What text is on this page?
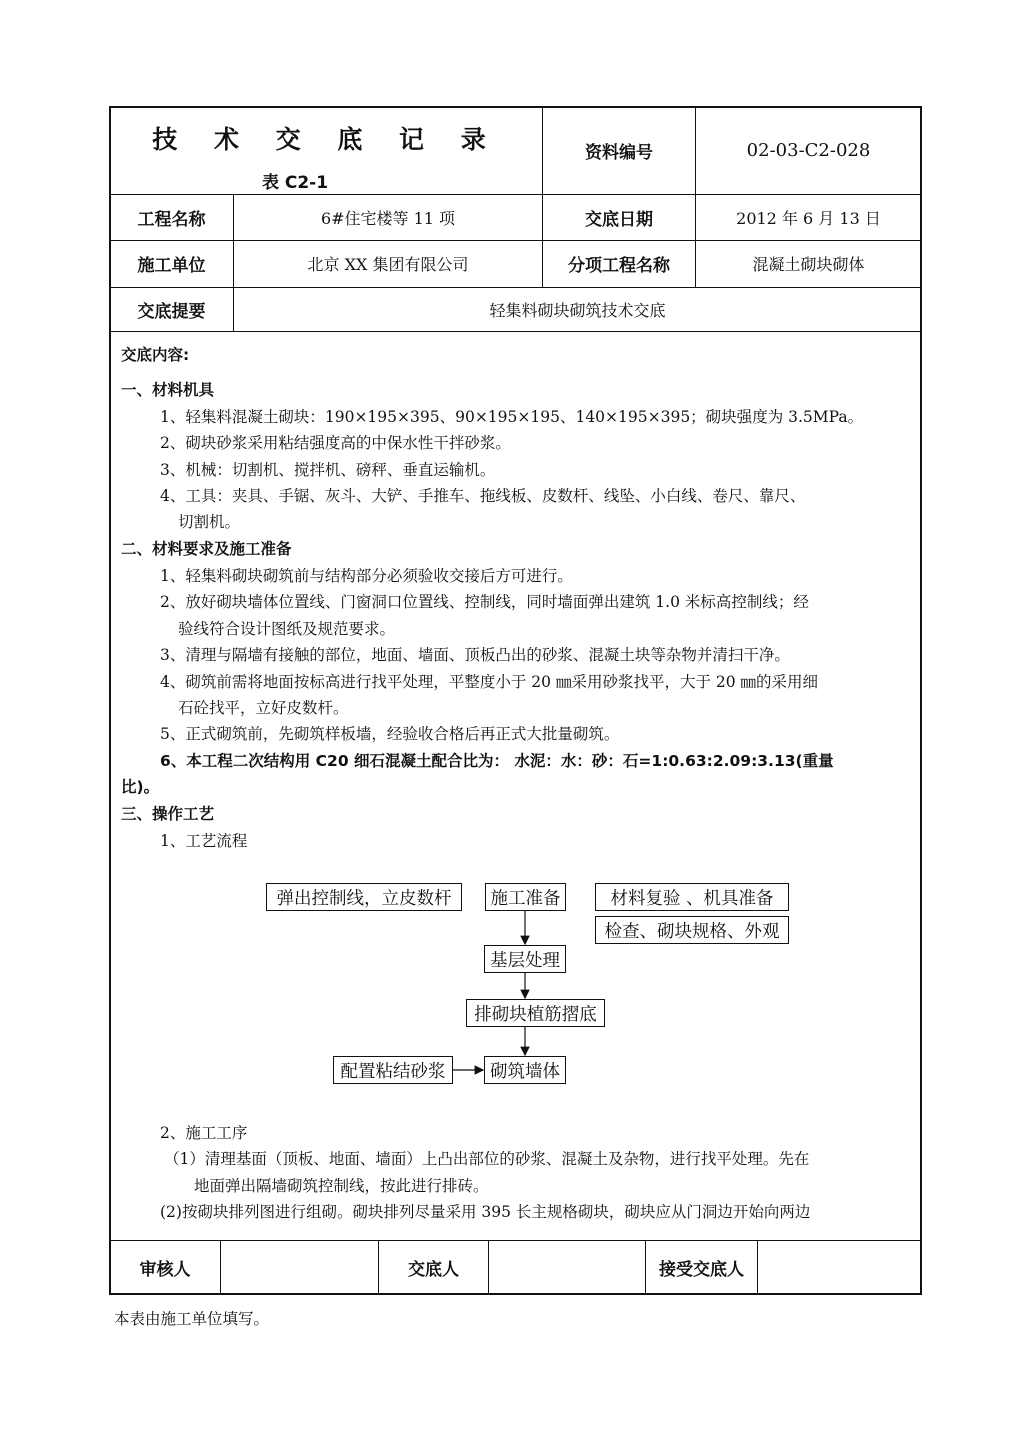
技 术 交 底 记 录
表 C2-1
资料编号	02-03-C2-028
工程名称	6#住宅楼等 11 项	交底日期	2012 年 6 月 13 日
施工单位	北京 XX 集团有限公司	分项工程名称	混凝土砌块砌体
交底提要	轻集料砌块砌筑技术交底
交底内容:
一、材料机具
1、轻集料混凝土砌块：190×195×395、90×195×195、140×195×395；砌块强度为 3.5MPa。
2、砌块砂浆采用粘结强度高的中保水性干拌砂浆。
3、机械：切割机、搅拌机、磅秤、垂直运输机。
4、工具：夹具、手锯、灰斗、大铲、手推车、拖线板、皮数杆、线坠、小白线、卷尺、靠尺、
切割机。
二、材料要求及施工准备
1、轻集料砌块砌筑前与结构部分必须验收交接后方可进行。
2、放好砌块墙体位置线、门窗洞口位置线、控制线，同时墙面弹出建筑 1.0 米标高控制线；经
验线符合设计图纸及规范要求。
3、清理与隔墙有接触的部位，地面、墙面、顶板凸出的砂浆、混凝土块等杂物并清扫干净。
4、砌筑前需将地面按标高进行找平处理，平整度小于 20 ㎜采用砂浆找平，大于 20 ㎜的采用细
石砼找平，立好皮数杆。
5、正式砌筑前，先砌筑样板墙，经验收合格后再正式大批量砌筑。
6、本工程二次结构用 C20 细石混凝土配合比为： 水泥：水：砂：石=1:0.63:2.09:3.13(重量
比)。
三、操作工艺
1、工艺流程
弹出控制线，立皮数杆	施工准备	材料复验 、机具准备
检查、砌块规格、外观
基层处理
排砌块植筋摺底
配置粘结砂浆	砌筑墙体
2、施工工序
（1）清理基面（顶板、地面、墙面）上凸出部位的砂浆、混凝土及杂物，进行找平处理。先在
地面弹出隔墙砌筑控制线，按此进行排砖。
(2)按砌块排列图进行组砌。砌块排列尽量采用 395 长主规格砌块，砌块应从门洞边开始向两边
审核人	交底人	接受交底人
本表由施工单位填写。
